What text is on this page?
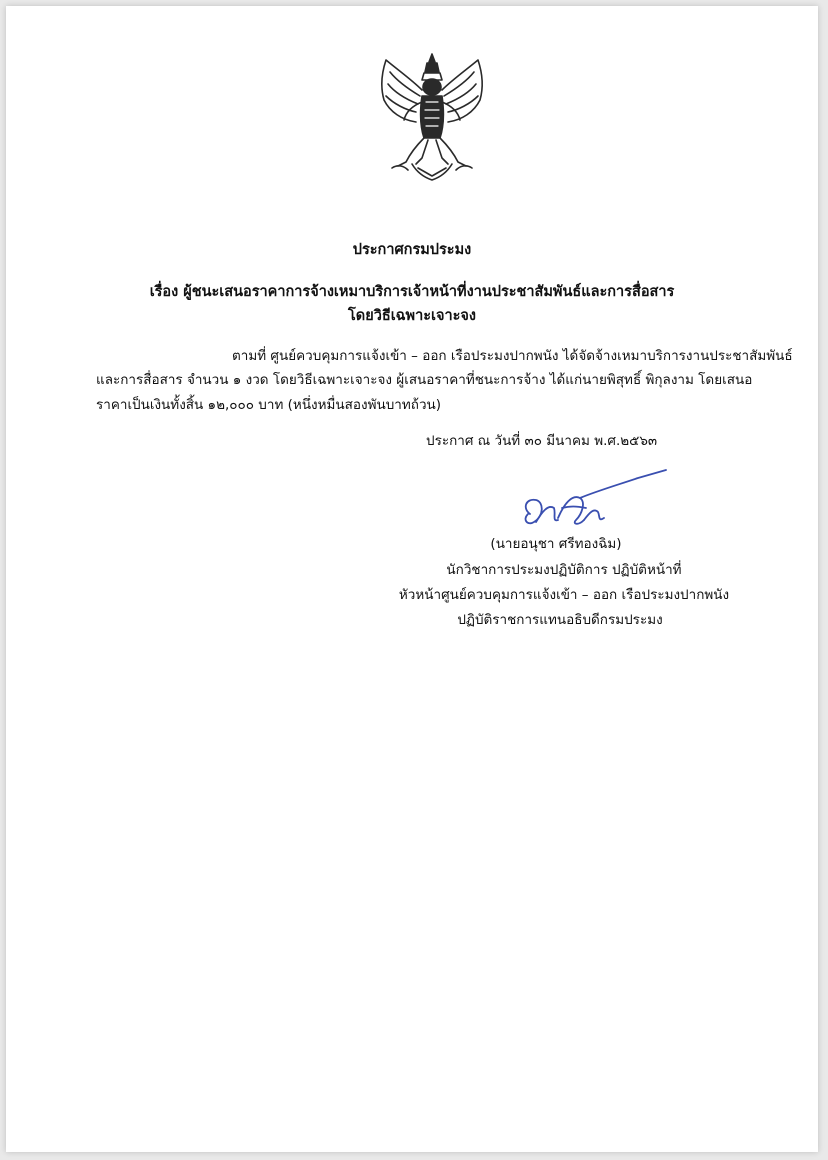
ประกาศกรมประมง
เรื่อง ผู้ชนะเสนอราคาการจ้างเหมาบริการเจ้าหน้าที่งานประชาสัมพันธ์และการสื่อสาร
โดยวิธีเฉพาะเจาะจง
ตามที่ ศูนย์ควบคุมการแจ้งเข้า – ออก เรือประมงปากพนัง ได้จัดจ้างเหมาบริการงานประชาสัมพันธ์
และการสื่อสาร จำนวน ๑ งวด โดยวิธีเฉพาะเจาะจง ผู้เสนอราคาที่ชนะการจ้าง ได้แก่นายพิสุทธิ์ พิกุลงาม โดยเสนอ
ราคาเป็นเงินทั้งสิ้น ๑๒,๐๐๐ บาท (หนึ่งหมื่นสองพันบาทถ้วน)
ประกาศ ณ วันที่ ๓๐ มีนาคม พ.ศ.๒๕๖๓
(นายอนุชา ศรีทองฉิม)
นักวิชาการประมงปฏิบัติการ ปฏิบัติหน้าที่
หัวหน้าศูนย์ควบคุมการแจ้งเข้า – ออก เรือประมงปากพนัง
ปฏิบัติราชการแทนอธิบดีกรมประมง
